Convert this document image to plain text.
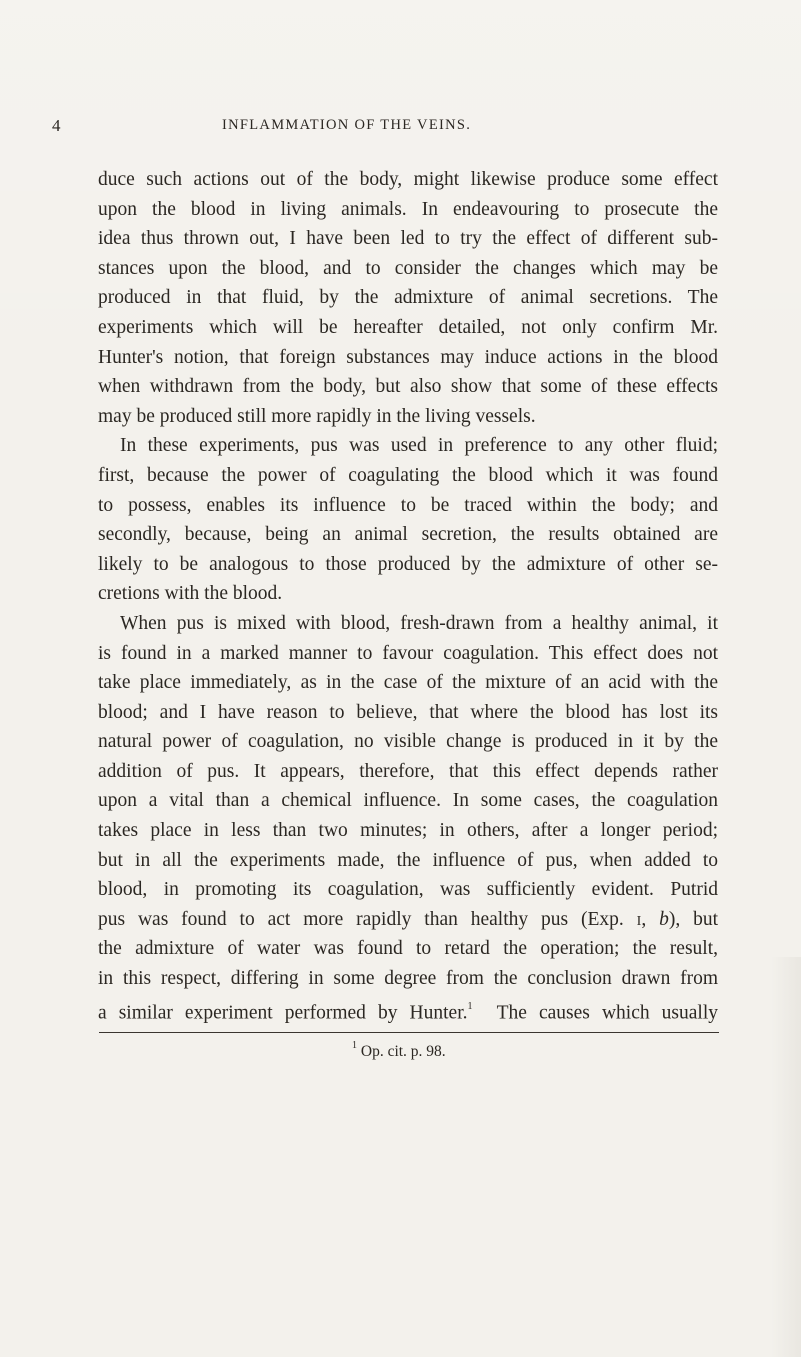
4	INFLAMMATION OF THE VEINS.
duce such actions out of the body, might likewise produce some effect
upon the blood in living animals. In endeavouring to prosecute the
idea thus thrown out, I have been led to try the effect of different sub-
stances upon the blood, and to consider the changes which may be
produced in that fluid, by the admixture of animal secretions. The
experiments which will be hereafter detailed, not only confirm Mr.
Hunter's notion, that foreign substances may induce actions in the blood
when withdrawn from the body, but also show that some of these effects
may be produced still more rapidly in the living vessels.
In these experiments, pus was used in preference to any other fluid;
first, because the power of coagulating the blood which it was found
to possess, enables its influence to be traced within the body; and
secondly, because, being an animal secretion, the results obtained are
likely to be analogous to those produced by the admixture of other se-
cretions with the blood.
When pus is mixed with blood, fresh-drawn from a healthy animal, it
is found in a marked manner to favour coagulation. This effect does not
take place immediately, as in the case of the mixture of an acid with the
blood; and I have reason to believe, that where the blood has lost its
natural power of coagulation, no visible change is produced in it by the
addition of pus. It appears, therefore, that this effect depends rather
upon a vital than a chemical influence. In some cases, the coagulation
takes place in less than two minutes; in others, after a longer period;
but in all the experiments made, the influence of pus, when added to
blood, in promoting its coagulation, was sufficiently evident. Putrid
pus was found to act more rapidly than healthy pus (Exp. i, b), but
the admixture of water was found to retard the operation; the result,
in this respect, differing in some degree from the conclusion drawn from
a similar experiment performed by Hunter.$^1$ The causes which usually
$^1$ Op. cit. p. 98.
